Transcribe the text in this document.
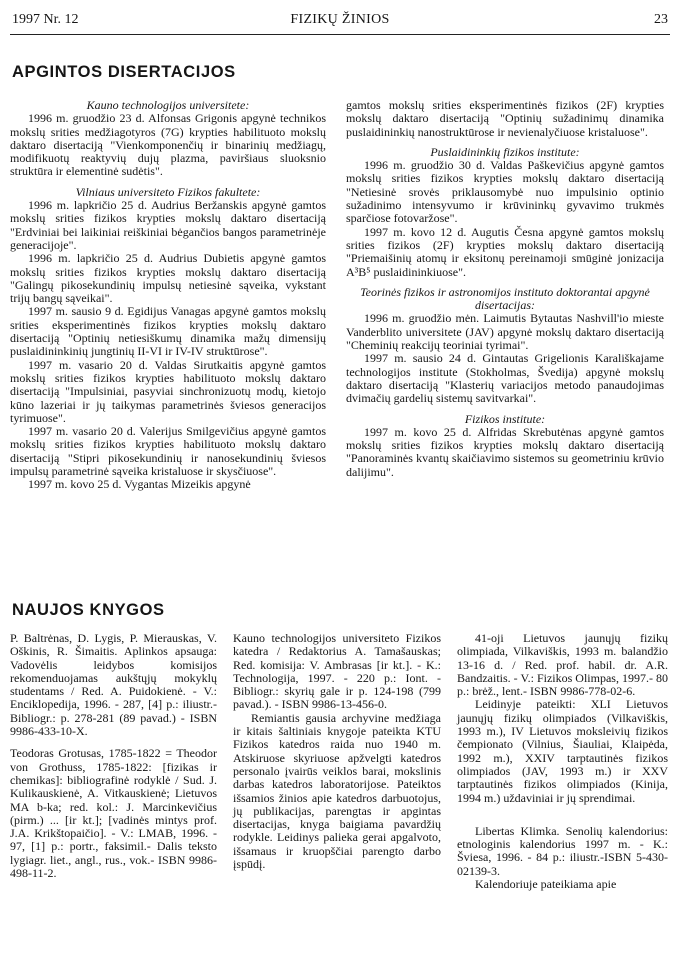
1997 Nr. 12	FIZIKŲ ŽINIOS	23
APGINTOS DISERTACIJOS

Kauno technologijos universitete:

1996 m. gruodžio 23 d. Alfonsas Grigonis apgynė technikos mokslų srities medžiagotyros (7G) krypties habilituoto mokslų daktaro disertaciją "Vienkomponenčių ir binarinių medžiagų, modifikuotų reaktyvių dujų plazma, paviršiaus sluoksnio struktūra ir elementinė sudėtis".

Vilniaus universiteto Fizikos fakultete:

1996 m. lapkričio 25 d. Audrius Beržanskis apgynė gamtos mokslų srities fizikos krypties mokslų daktaro disertaciją "Erdviniai bei laikiniai reiškiniai bėgančios bangos parametrinėje generacijoje".

1996 m. lapkričio 25 d. Audrius Dubietis apgynė gamtos mokslų srities fizikos krypties mokslų daktaro disertaciją "Galingų pikosekundinių impulsų netiesinė sąveika, vykstant trijų bangų sąveikai".

1997 m. sausio 9 d. Egidijus Vanagas apgynė gamtos mokslų srities eksperimentinės fizikos krypties mokslų daktaro disertaciją "Optinių netiesiškumų dinamika mažų dimensijų puslaidininkinių jungtinių II-VI ir IV-IV struktūrose".

1997 m. vasario 20 d. Valdas Sirutkaitis apgynė gamtos mokslų srities fizikos krypties habilituoto mokslų daktaro disertaciją "Impulsiniai, pasyviai sinchronizuotų modų, kietojo kūno lazeriai ir jų taikymas parametrinės šviesos generacijos tyrimuose".

1997 m. vasario 20 d. Valerijus Smilgevičius apgynė gamtos mokslų srities fizikos krypties habilituoto mokslų daktaro disertaciją "Stipri pikosekundinių ir nanosekundinių šviesos impulsų parametrinė sąveika kristaluose ir skysčiuose".

1997 m. kovo 25 d. Vygantas Mizeikis apgynė

gamtos mokslų srities eksperimentinės fizikos (2F) krypties mokslų daktaro disertaciją "Optinių sužadinimų dinamika puslaidininkių nanostruktūrose ir nevienalyčiuose kristaluose".

Puslaidininkių fizikos institute:

1996 m. gruodžio 30 d. Valdas Paškevičius apgynė gamtos mokslų srities fizikos krypties mokslų daktaro disertaciją "Netiesinė srovės priklausomybė nuo impulsinio optinio sužadinimo intensyvumo ir krūvininkų gyvavimo trukmės sparčiose fotovaržose".

1997 m. kovo 12 d. Augutis Česna apgynė gamtos mokslų srities fizikos (2F) krypties mokslų daktaro disertaciją "Priemaišinių atomų ir eksitonų pereinamoji smūginė jonizacija A³B⁵ puslaidininkiuose".

Teorinės fizikos ir astronomijos instituto doktorantai apgynė disertacijas:

1996 m. gruodžio mėn. Laimutis Bytautas Nashvill'io mieste Vanderblito universitete (JAV) apgynė mokslų daktaro disertaciją "Cheminių reakcijų teoriniai tyrimai".

1997 m. sausio 24 d. Gintautas Grigelionis Karališkajame technologijos institute (Stokholmas, Švedija) apgynė mokslų daktaro disertaciją "Klasterių variacijos metodo panaudojimas dvimačių gardelių sistemų savitvarkai".

Fizikos institute:

1997 m. kovo 25 d. Alfridas Skrebutėnas apgynė gamtos mokslų srities fizikos krypties mokslų daktaro disertaciją "Panoraminės kvantų skaičiavimo sistemos su geometriniu krūvio dalijimu".

NAUJOS KNYGOS

P. Baltrėnas, D. Lygis, P. Mierauskas, V. Oškinis, R. Šimaitis. Aplinkos apsauga: Vadovėlis leidybos komisijos rekomenduojamas aukštųjų mokyklų studentams / Red. A. Puidokienė. - V.: Enciklopedija, 1996. - 287, [4] p.: iliustr.- Bibliogr.: p. 278-281 (89 pavad.) - ISBN 9986-433-10-X.

Teodoras Grotusas, 1785-1822 = Theodor von Grothuss, 1785-1822: [fizikas ir chemikas]: bibliografinė rodyklė / Sud. J. Kulikauskienė, A. Vitkauskienė; Lietuvos MA b-ka; red. kol.: J. Marcinkevičius (pirm.) ... [ir kt.]; [vadinės mintys prof. J.A. Krikštopaičio]. - V.: LMAB, 1996. - 97, [1] p.: portr., faksimil.- Dalis teksto lygiagr. liet., angl., rus., vok.- ISBN 9986-498-11-2.

Kauno technologijos universiteto Fizikos katedra / Redaktorius A. Tamašauskas; Red. komisija: V. Ambrasas [ir kt.]. - K.: Technologija, 1997. - 220 p.: Iont. - Bibliogr.: skyrių gale ir p. 124-198 (799 pavad.). - ISBN 9986-13-456-0.

Remiantis gausia archyvine medžiaga ir kitais šaltiniais knygoje pateikta KTU Fizikos katedros raida nuo 1940 m. Atskiruose skyriuose apžvelgti katedros personalo įvairūs veiklos barai, mokslinis darbas katedros laboratorijose. Pateiktos išsamios žinios apie katedros darbuotojus, jų publikacijas, parengtas ir apgintas disertacijas, knyga baigiama pavardžių rodykle. Leidinys palieka gerai apgalvoto, išsamaus ir kruopščiai parengto darbo įspūdį.

41-oji Lietuvos jaunųjų fizikų olimpiada, Vilkaviškis, 1993 m. balandžio 13-16 d. / Red. prof. habil. dr. A.R. Bandzaitis. - V.: Fizikos Olimpas, 1997.- 80 p.: brėž., lent.- ISBN 9986-778-02-6.

Leidinyje pateikti: XLI Lietuvos jaunųjų fizikų olimpiados (Vilkaviškis, 1993 m.), IV Lietuvos moksleivių fizikos čempionato (Vilnius, Šiauliai, Klaipėda, 1992 m.), XXIV tarptautinės fizikos olimpiados (JAV, 1993 m.) ir XXV tarptautinės fizikos olimpiados (Kinija, 1994 m.) uždaviniai ir jų sprendimai.

Libertas Klimka. Senolių kalendorius: etnologinis kalendorius 1997 m. - K.: Šviesa, 1996. - 84 p.: iliustr.-ISBN 5-430-02139-3.

Kalendoriuje pateikiama apie
